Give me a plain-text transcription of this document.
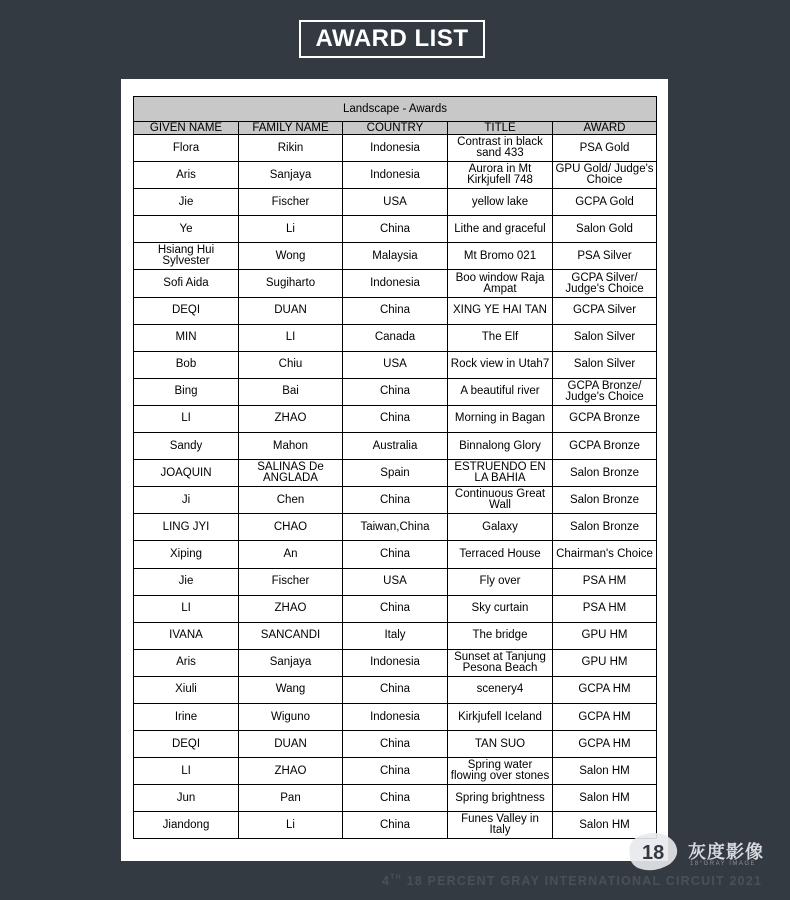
AWARD LIST
Landscape - Awards				
GIVEN NAME	FAMILY NAME	COUNTRY	TITLE	AWARD
Flora	Rikin	Indonesia	Contrast in black sand 433	PSA Gold
Aris	Sanjaya	Indonesia	Aurora in Mt Kirkjufell 748	GPU Gold/ Judge's Choice
Jie	Fischer	USA	yellow lake	GCPA Gold
Ye	Li	China	Lithe and graceful	Salon Gold
Hsiang Hui Sylvester	Wong	Malaysia	Mt Bromo 021	PSA Silver
Sofi Aida	Sugiharto	Indonesia	Boo window Raja Ampat	GCPA Silver/ Judge's Choice
DEQI	DUAN	China	XING YE HAI TAN	GCPA Silver
MIN	LI	Canada	The Elf	Salon Silver
Bob	Chiu	USA	Rock view in Utah7	Salon Silver
Bing	Bai	China	A beautiful river	GCPA Bronze/ Judge's Choice
LI	ZHAO	China	Morning in Bagan	GCPA Bronze
Sandy	Mahon	Australia	Binnalong Glory	GCPA Bronze
JOAQUIN	SALINAS De ANGLADA	Spain	ESTRUENDO EN LA BAHIA	Salon Bronze
Ji	Chen	China	Continuous Great Wall	Salon Bronze
LING JYI	CHAO	Taiwan,China	Galaxy	Salon Bronze
Xiping	An	China	Terraced House	Chairman's Choice
Jie	Fischer	USA	Fly over	PSA HM
LI	ZHAO	China	Sky curtain	PSA HM
IVANA	SANCANDI	Italy	The bridge	GPU HM
Aris	Sanjaya	Indonesia	Sunset at Tanjung Pesona Beach	GPU HM
Xiuli	Wang	China	scenery4	GCPA HM
Irine	Wiguno	Indonesia	Kirkjufell Iceland	GCPA HM
DEQI	DUAN	China	TAN SUO	GCPA HM
LI	ZHAO	China	Spring water flowing over stones	Salon HM
Jun	Pan	China	Spring brightness	Salon HM
Jiandong	Li	China	Funes Valley in Italy	Salon HM
18 灰度影像
18°GRAY IMAGE
4TH 18 PERCENT GRAY INTERNATIONAL CIRCUIT 2021
